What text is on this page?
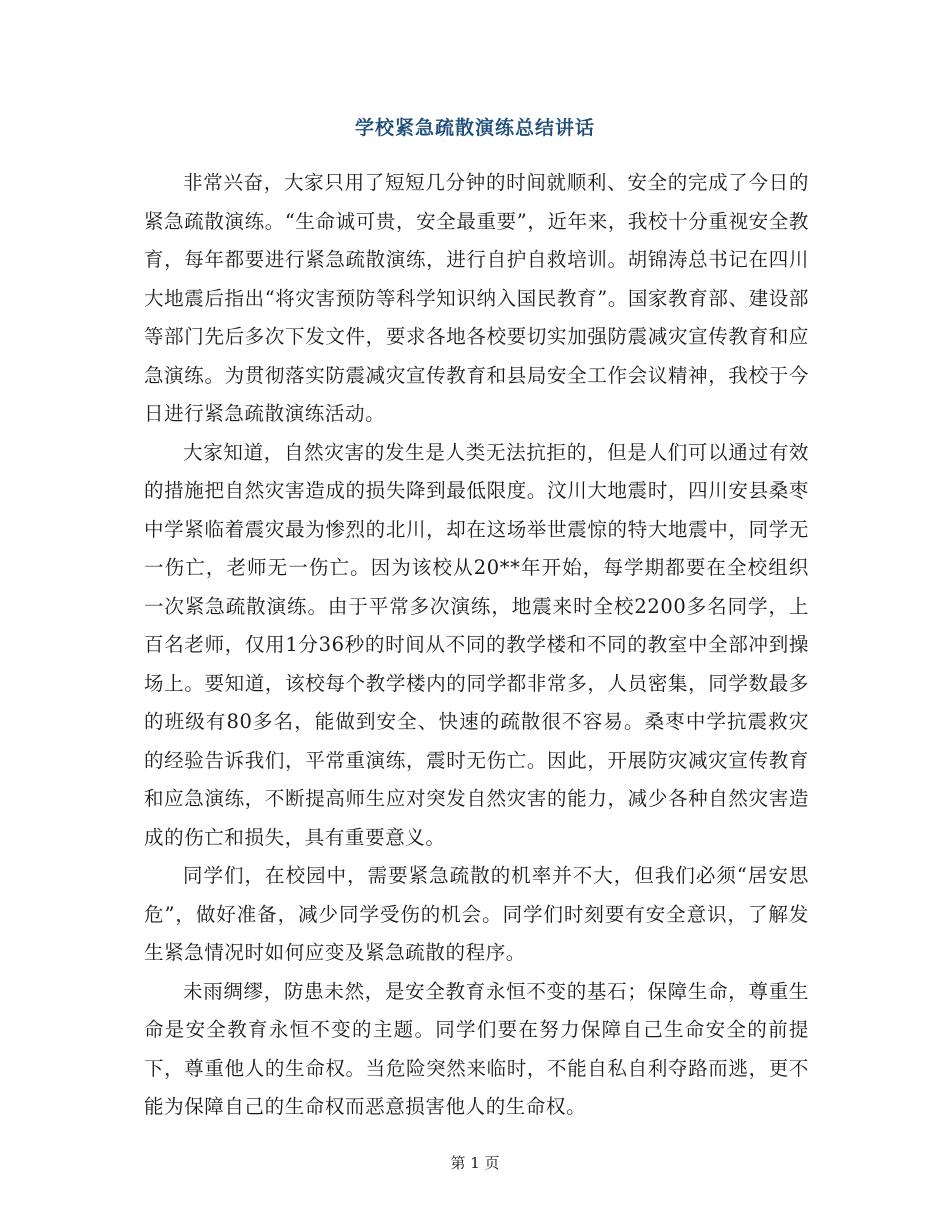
学校紧急疏散演练总结讲话

非常兴奋，大家只用了短短几分钟的时间就顺利、安全的完成了今日的紧急疏散演练。“生命诚可贵，安全最重要”，近年来，我校十分重视安全教育，每年都要进行紧急疏散演练，进行自护自救培训。胡锦涛总书记在四川大地震后指出“将灾害预防等科学知识纳入国民教育”。国家教育部、建设部等部门先后多次下发文件，要求各地各校要切实加强防震减灾宣传教育和应急演练。为贯彻落实防震减灾宣传教育和县局安全工作会议精神，我校于今日进行紧急疏散演练活动。

大家知道，自然灾害的发生是人类无法抗拒的，但是人们可以通过有效的措施把自然灾害造成的损失降到最低限度。汶川大地震时，四川安县桑枣中学紧临着震灾最为惨烈的北川，却在这场举世震惊的特大地震中，同学无一伤亡，老师无一伤亡。因为该校从20**年开始，每学期都要在全校组织一次紧急疏散演练。由于平常多次演练，地震来时全校2200多名同学，上百名老师，仅用1分36秒的时间从不同的教学楼和不同的教室中全部冲到操场上。要知道，该校每个教学楼内的同学都非常多，人员密集，同学数最多的班级有80多名，能做到安全、快速的疏散很不容易。桑枣中学抗震救灾的经验告诉我们，平常重演练，震时无伤亡。因此，开展防灾减灾宣传教育和应急演练，不断提高师生应对突发自然灾害的能力，减少各种自然灾害造成的伤亡和损失，具有重要意义。

同学们，在校园中，需要紧急疏散的机率并不大，但我们必须“居安思危”，做好准备，减少同学受伤的机会。同学们时刻要有安全意识，了解发生紧急情况时如何应变及紧急疏散的程序。

未雨绸缪，防患未然，是安全教育永恒不变的基石；保障生命，尊重生命是安全教育永恒不变的主题。同学们要在努力保障自己生命安全的前提下，尊重他人的生命权。当危险突然来临时，不能自私自利夺路而逃，更不能为保障自己的生命权而恶意损害他人的生命权。

第 1 页
